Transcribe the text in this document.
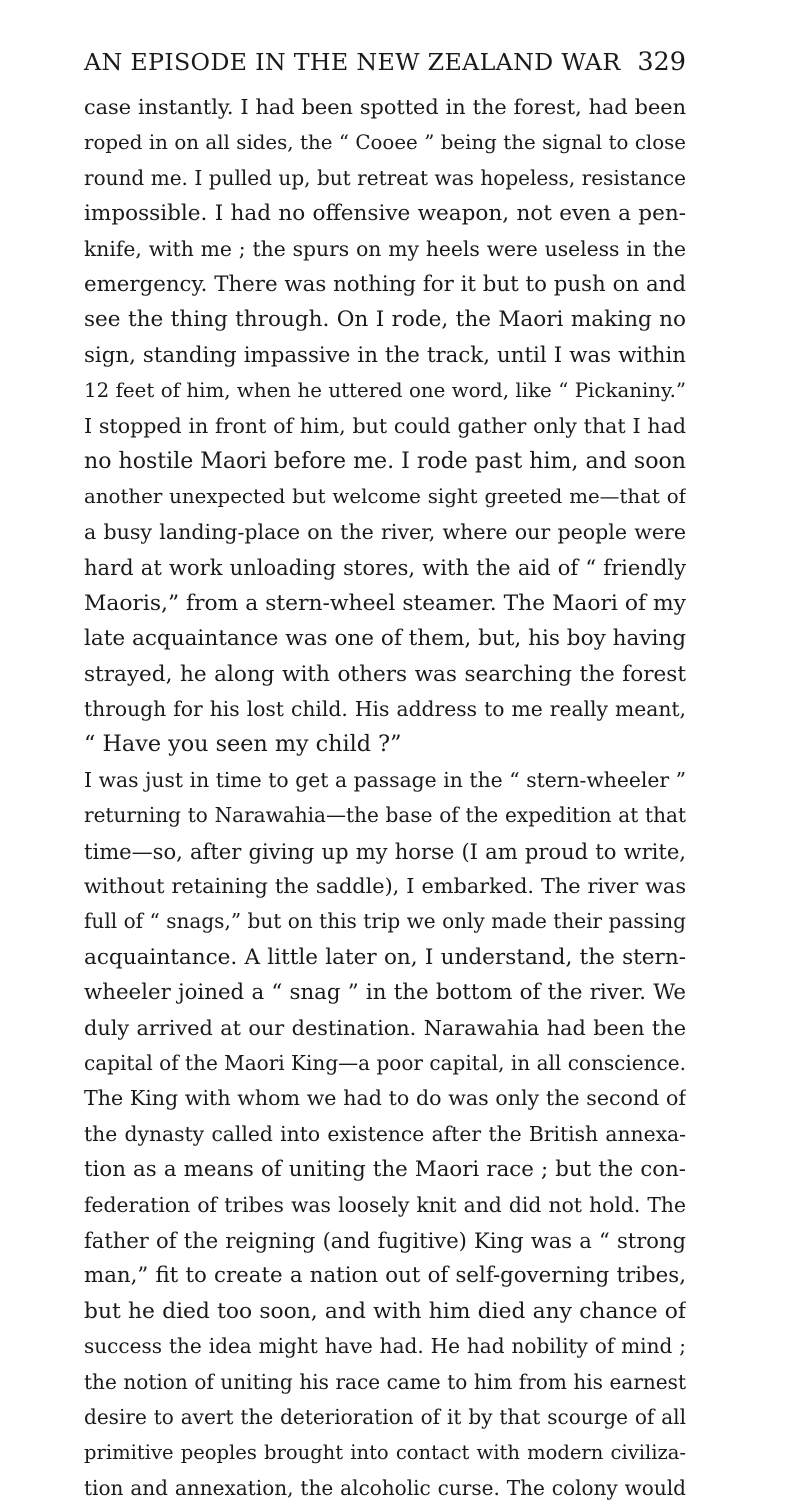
AN EPISODE IN THE NEW ZEALAND WAR 329
case instantly. I had been spotted in the forest, had been
roped in on all sides, the “ Cooee ” being the signal to close
round me. I pulled up, but retreat was hopeless, resistance
impossible. I had no offensive weapon, not even a pen-
knife, with me ; the spurs on my heels were useless in the
emergency. There was nothing for it but to push on and
see the thing through. On I rode, the Maori making no
sign, standing impassive in the track, until I was within
12 feet of him, when he uttered one word, like “ Pickaniny.”
I stopped in front of him, but could gather only that I had
no hostile Maori before me. I rode past him, and soon
another unexpected but welcome sight greeted me—that of
a busy landing-place on the river, where our people were
hard at work unloading stores, with the aid of “ friendly
Maoris,” from a stern-wheel steamer. The Maori of my
late acquaintance was one of them, but, his boy having
strayed, he along with others was searching the forest
through for his lost child. His address to me really meant,
“ Have you seen my child ?”
I was just in time to get a passage in the “ stern-wheeler ”
returning to Narawahia—the base of the expedition at that
time—so, after giving up my horse (I am proud to write,
without retaining the saddle), I embarked. The river was
full of “ snags,” but on this trip we only made their passing
acquaintance. A little later on, I understand, the stern-
wheeler joined a “ snag ” in the bottom of the river. We
duly arrived at our destination. Narawahia had been the
capital of the Maori King—a poor capital, in all conscience.
The King with whom we had to do was only the second of
the dynasty called into existence after the British annexa-
tion as a means of uniting the Maori race ; but the con-
federation of tribes was loosely knit and did not hold. The
father of the reigning (and fugitive) King was a “ strong
man,” fit to create a nation out of self-governing tribes,
but he died too soon, and with him died any chance of
success the idea might have had. He had nobility of mind ;
the notion of uniting his race came to him from his earnest
desire to avert the deterioration of it by that scourge of all
primitive peoples brought into contact with modern civiliza-
tion and annexation, the alcoholic curse. The colony would
